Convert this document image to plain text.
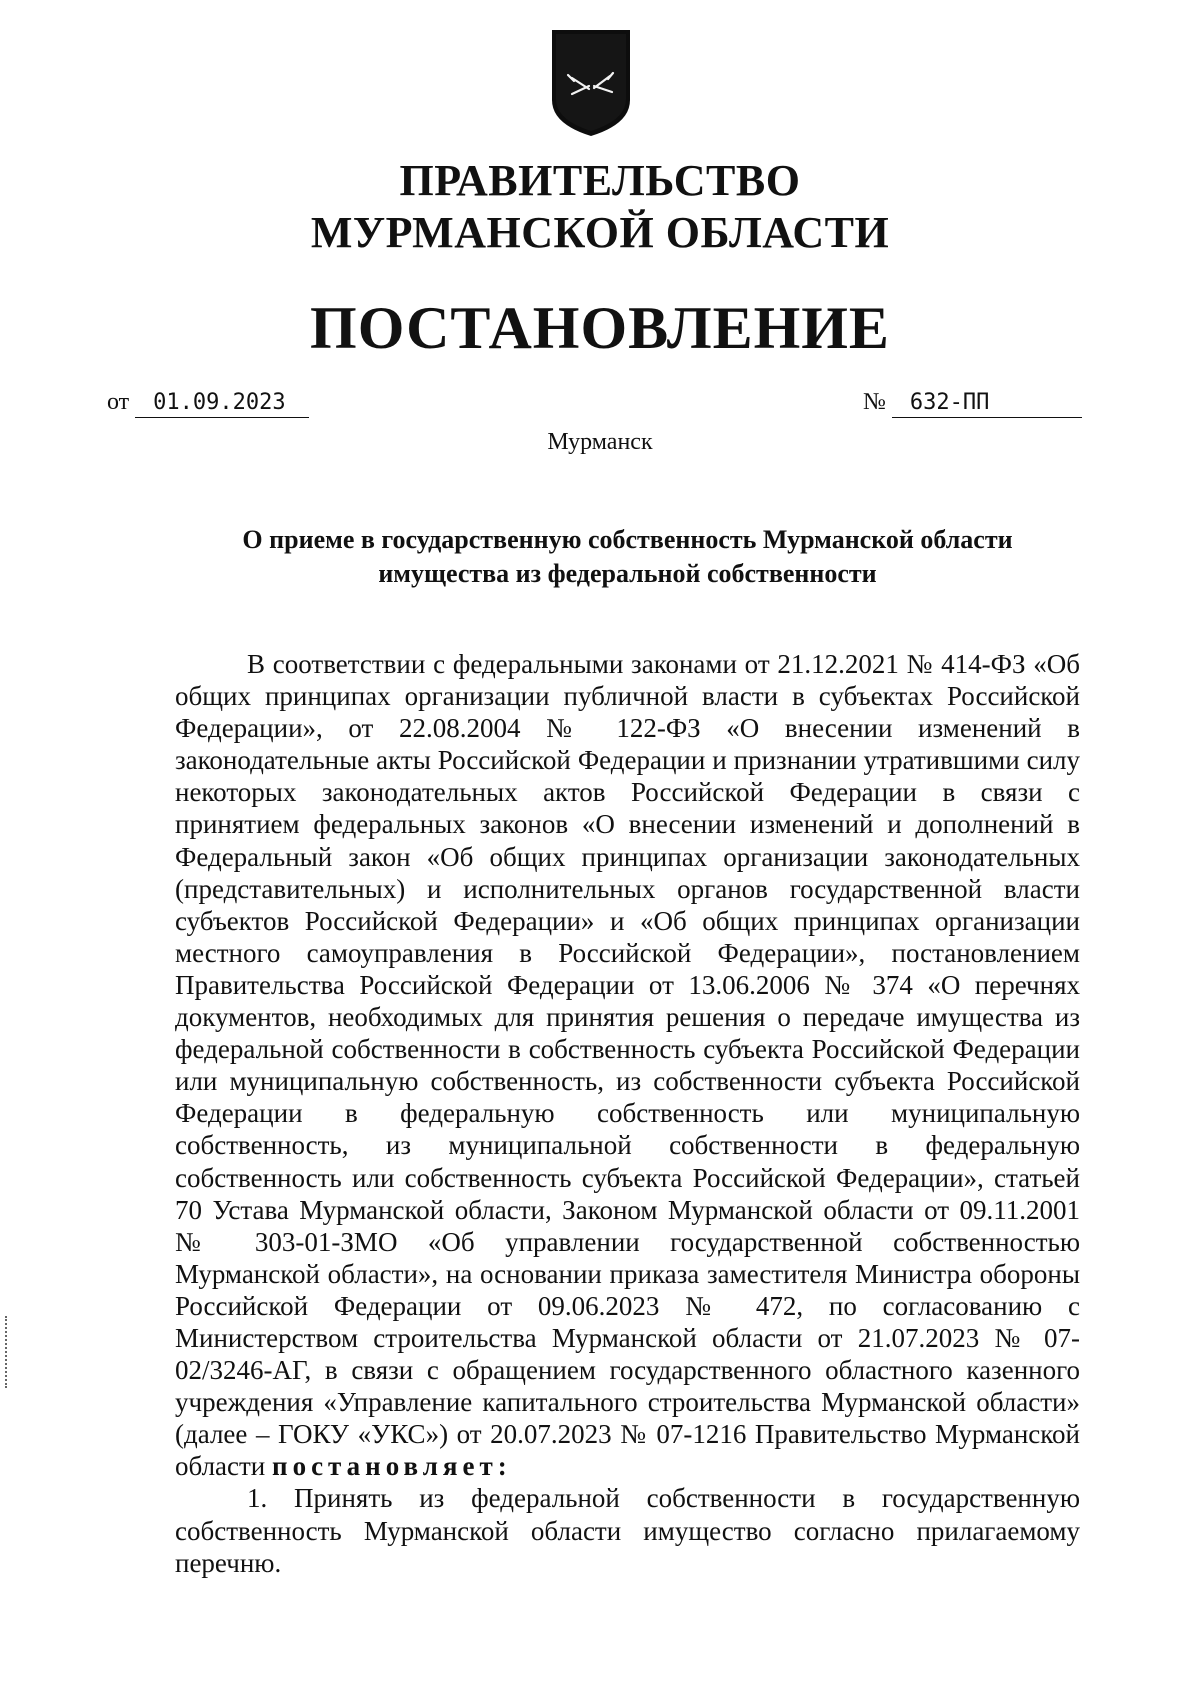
ПРАВИТЕЛЬСТВО
МУРМАНСКОЙ ОБЛАСТИ
ПОСТАНОВЛЕНИЕ
от 01.09.2023	№ 632-ПП
Мурманск
О приеме в государственную собственность Мурманской области
имущества из федеральной собственности

В соответствии с федеральными законами от 21.12.2021 № 414-ФЗ «Об общих принципах организации публичной власти в субъектах Российской Федерации», от 22.08.2004 № 122-ФЗ «О внесении изменений в законодательные акты Российской Федерации и признании утратившими силу некоторых законодательных актов Российской Федерации в связи с принятием федеральных законов «О внесении изменений и дополнений в Федеральный закон «Об общих принципах организации законодательных (представительных) и исполнительных органов государственной власти субъектов Российской Федерации» и «Об общих принципах организации местного самоуправления в Российской Федерации», постановлением Правительства Российской Федерации от 13.06.2006 № 374 «О перечнях документов, необходимых для принятия решения о передаче имущества из федеральной собственности в собственность субъекта Российской Федерации или муниципальную собственность, из собственности субъекта Российской Федерации в федеральную собственность или муниципальную собственность, из муниципальной собственности в федеральную собственность или собственность субъекта Российской Федерации», статьей 70 Устава Мурманской области, Законом Мурманской области от 09.11.2001 № 303-01-ЗМО «Об управлении государственной собственностью Мурманской области», на основании приказа заместителя Министра обороны Российской Федерации от 09.06.2023 № 472, по согласованию с Министерством строительства Мурманской области от 21.07.2023 № 07-02/3246-АГ, в связи с обращением государственного областного казенного учреждения «Управление капитального строительства Мурманской области» (далее – ГОКУ «УКС») от 20.07.2023 № 07-1216 Правительство Мурманской области постановляет:

1. Принять из федеральной собственности в государственную собственность Мурманской области имущество согласно прилагаемому перечню.
